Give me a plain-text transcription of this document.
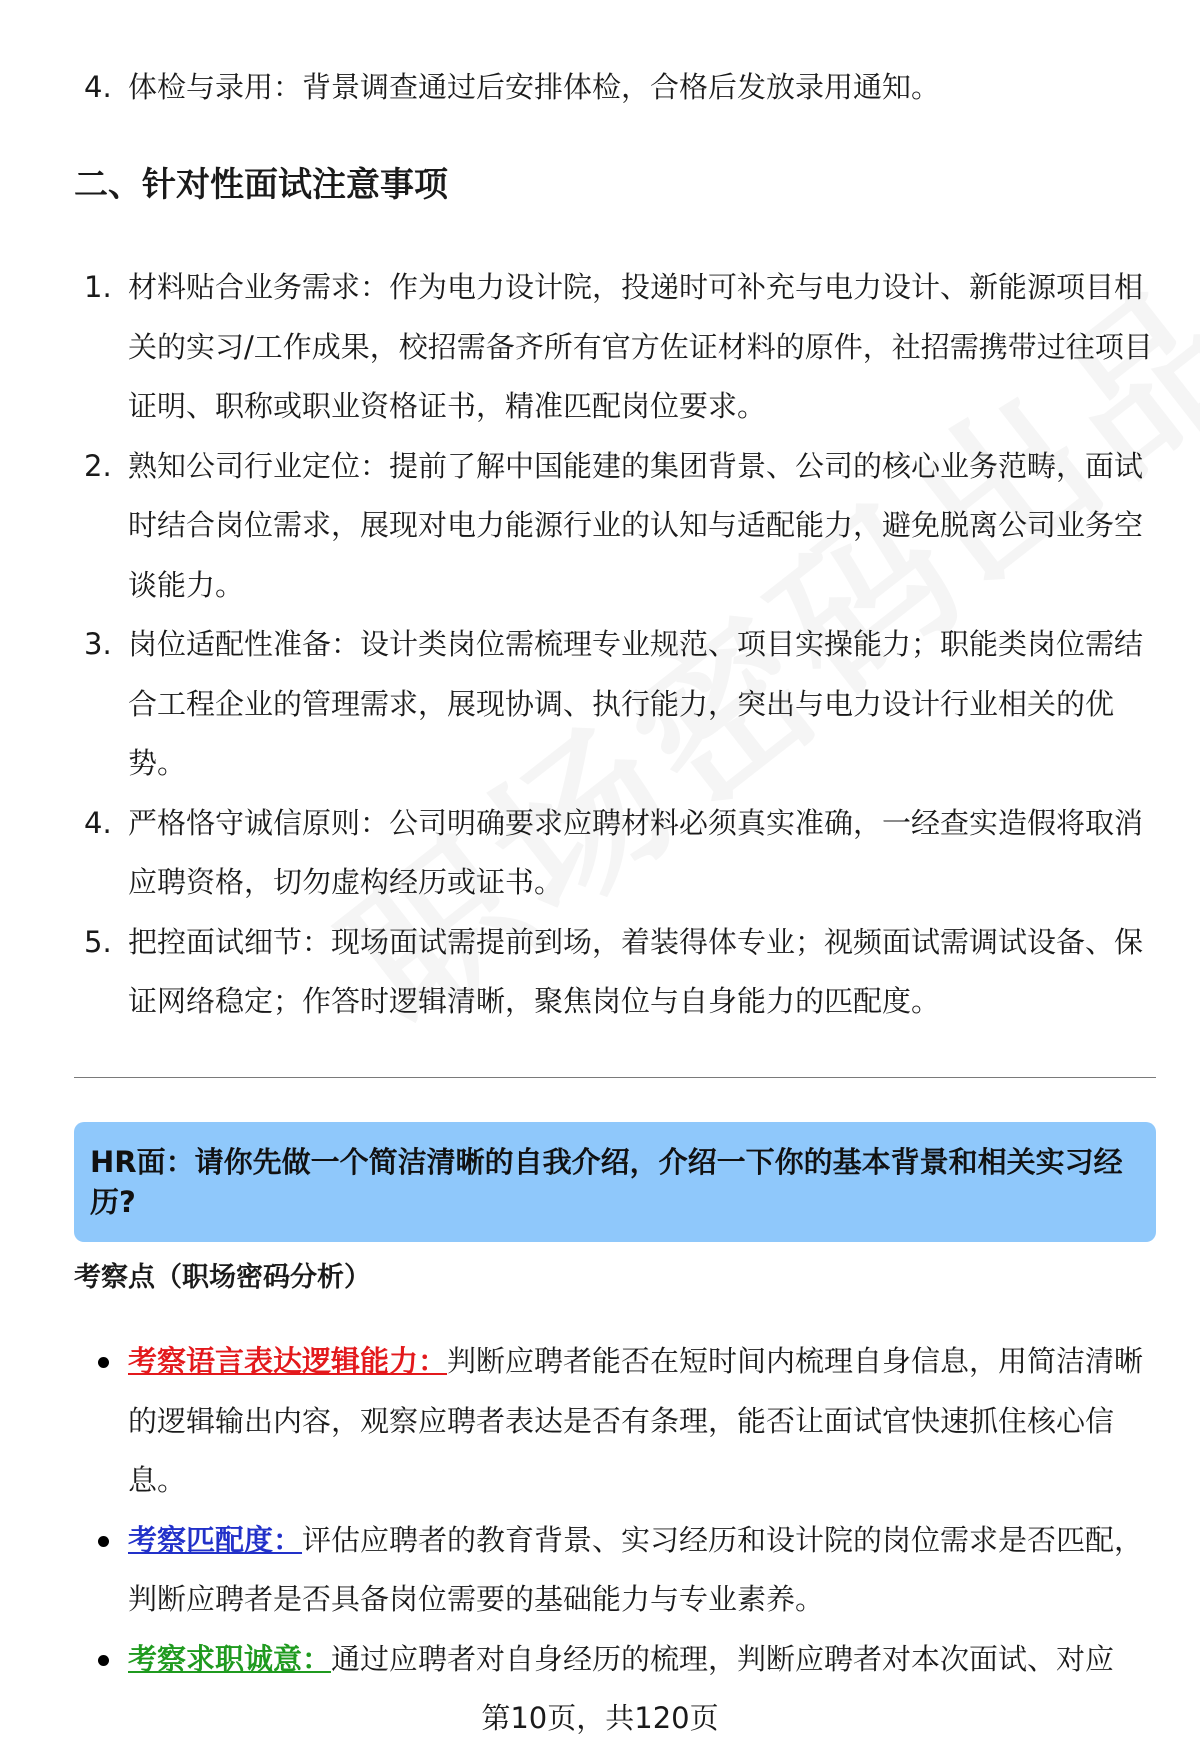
4. 体检与录用：背景调查通过后安排体检，合格后发放录用通知。
二、针对性面试注意事项
1. 材料贴合业务需求：作为电力设计院，投递时可补充与电力设计、新能源项目相关的实习/工作成果，校招需备齐所有官方佐证材料的原件，社招需携带过往项目证明、职称或职业资格证书，精准匹配岗位要求。
2. 熟知公司行业定位：提前了解中国能建的集团背景、公司的核心业务范畴，面试时结合岗位需求，展现对电力能源行业的认知与适配能力，避免脱离公司业务空谈能力。
3. 岗位适配性准备：设计类岗位需梳理专业规范、项目实操能力；职能类岗位需结合工程企业的管理需求，展现协调、执行能力，突出与电力设计行业相关的优势。
4. 严格恪守诚信原则：公司明确要求应聘材料必须真实准确，一经查实造假将取消应聘资格，切勿虚构经历或证书。
5. 把控面试细节：现场面试需提前到场，着装得体专业；视频面试需调试设备、保证网络稳定；作答时逻辑清晰，聚焦岗位与自身能力的匹配度。
HR面：请你先做一个简洁清晰的自我介绍，介绍一下你的基本背景和相关实习经历?
考察点（职场密码分析）
考察语言表达逻辑能力：判断应聘者能否在短时间内梳理自身信息，用简洁清晰的逻辑输出内容，观察应聘者表达是否有条理，能否让面试官快速抓住核心信息。
考察匹配度：评估应聘者的教育背景、实习经历和设计院的岗位需求是否匹配，判断应聘者是否具备岗位需要的基础能力与专业素养。
考察求职诚意：通过应聘者对自身经历的梳理，判断应聘者对本次面试、对应
第10页，共120页
